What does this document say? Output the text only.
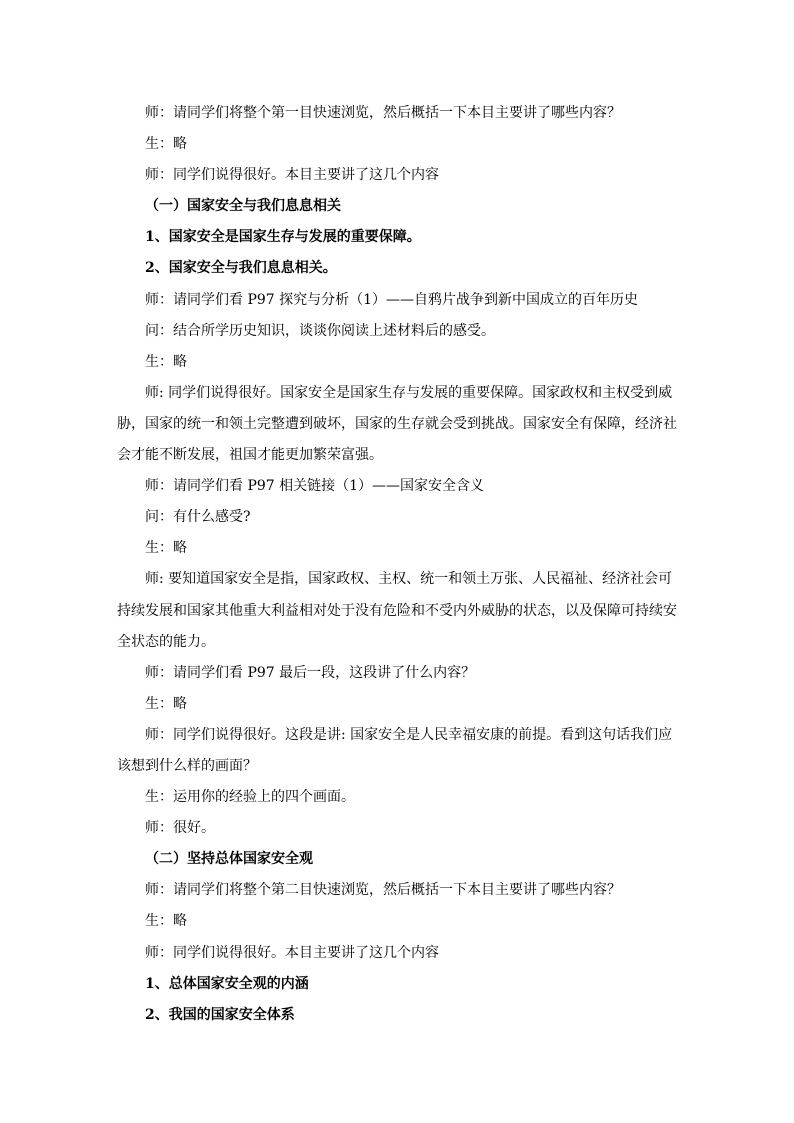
师：请同学们将整个第一目快速浏览，然后概括一下本目主要讲了哪些内容？

生：略

师：同学们说得很好。本目主要讲了这几个内容

（一）国家安全与我们息息相关

1、国家安全是国家生存与发展的重要保障。

2、国家安全与我们息息相关。

师：请同学们看 P97 探究与分析（1）——自鸦片战争到新中国成立的百年历史

问：结合所学历史知识，谈谈你阅读上述材料后的感受。

生：略

师: 同学们说得很好。国家安全是国家生存与发展的重要保障。国家政权和主权受到威胁，国家的统一和领土完整遭到破坏，国家的生存就会受到挑战。国家安全有保障，经济社会才能不断发展，祖国才能更加繁荣富强。

师：请同学们看 P97 相关链接（1）——国家安全含义

问：有什么感受?

生：略

师: 要知道国家安全是指，国家政权、主权、统一和领土万张、人民福祉、经济社会可持续发展和国家其他重大利益相对处于没有危险和不受内外威胁的状态，以及保障可持续安全状态的能力。

师：请同学们看 P97 最后一段，这段讲了什么内容？

生：略

师：同学们说得很好。这段是讲: 国家安全是人民幸福安康的前提。看到这句话我们应该想到什么样的画面？

生：运用你的经验上的四个画面。

师：很好。

（二）坚持总体国家安全观

师：请同学们将整个第二目快速浏览，然后概括一下本目主要讲了哪些内容？

生：略

师：同学们说得很好。本目主要讲了这几个内容

1、总体国家安全观的内涵

2、我国的国家安全体系
